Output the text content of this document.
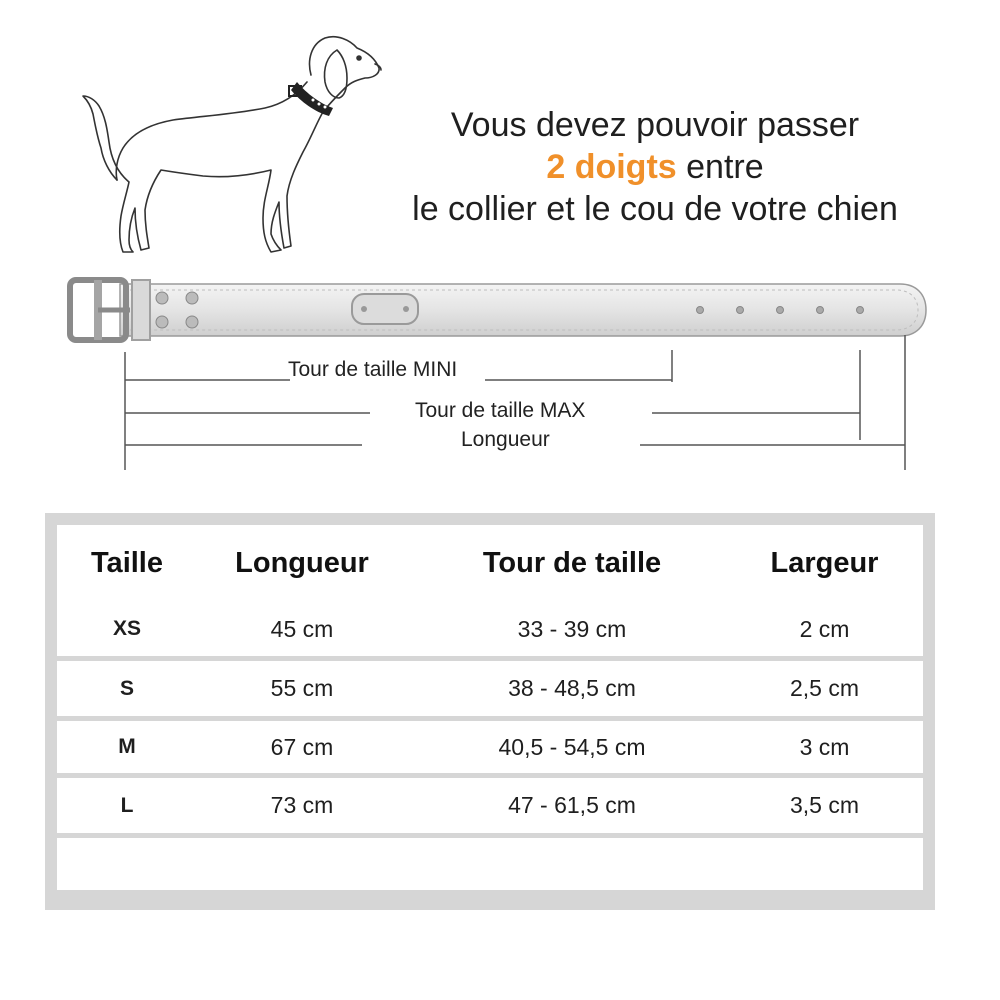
Vous devez pouvoir passer
2 doigts entre
le collier et le cou de votre chien
Tour de taille MINI
Tour de taille MAX
Longueur
Taille	Longueur	Tour de taille	Largeur
XS	45 cm	33 - 39 cm	2 cm
S	55 cm	38 - 48,5 cm	2,5 cm
M	67 cm	40,5 - 54,5 cm	3 cm
L	73 cm	47 - 61,5 cm	3,5 cm
